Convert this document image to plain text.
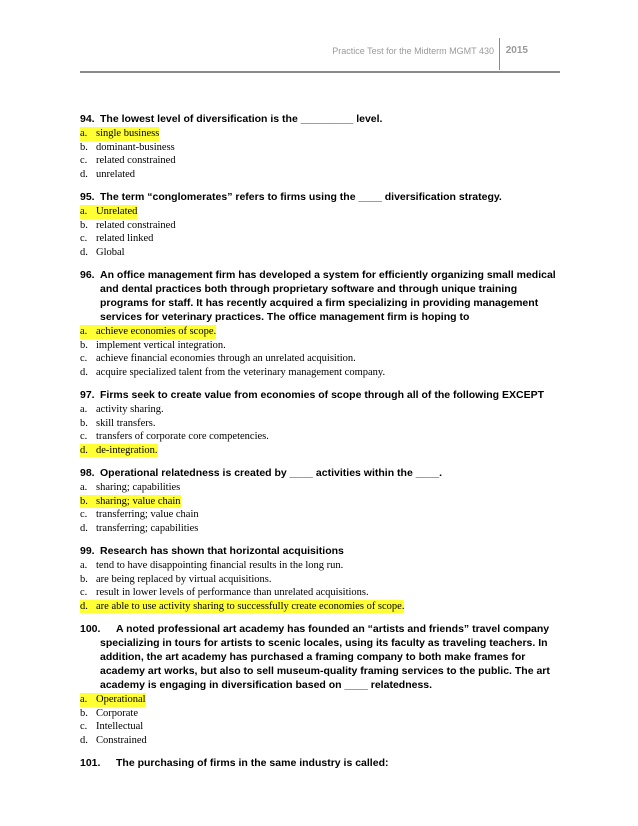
Practice Test for the Midterm MGMT 430 2015
94. The lowest level of diversification is the _________ level.
a. single business
b. dominant-business
c. related constrained
d. unrelated
95. The term “conglomerates” refers to firms using the ____ diversification strategy.
a. Unrelated
b. related constrained
c. related linked
d. Global
96. An office management firm has developed a system for efficiently organizing small medical and dental practices both through proprietary software and through unique training programs for staff. It has recently acquired a firm specializing in providing management services for veterinary practices. The office management firm is hoping to
a. achieve economies of scope.
b. implement vertical integration.
c. achieve financial economies through an unrelated acquisition.
d. acquire specialized talent from the veterinary management company.
97. Firms seek to create value from economies of scope through all of the following EXCEPT
a. activity sharing.
b. skill transfers.
c. transfers of corporate core competencies.
d. de-integration.
98. Operational relatedness is created by ____ activities within the ____.
a. sharing; capabilities
b. sharing; value chain
c. transferring; value chain
d. transferring; capabilities
99. Research has shown that horizontal acquisitions
a. tend to have disappointing financial results in the long run.
b. are being replaced by virtual acquisitions.
c. result in lower levels of performance than unrelated acquisitions.
d. are able to use activity sharing to successfully create economies of scope.
100. A noted professional art academy has founded an “artists and friends” travel company specializing in tours for artists to scenic locales, using its faculty as traveling teachers. In addition, the art academy has purchased a framing company to both make frames for academy art works, but also to sell museum-quality framing services to the public. The art academy is engaging in diversification based on ____ relatedness.
a. Operational
b. Corporate
c. Intellectual
d. Constrained
101. The purchasing of firms in the same industry is called:
